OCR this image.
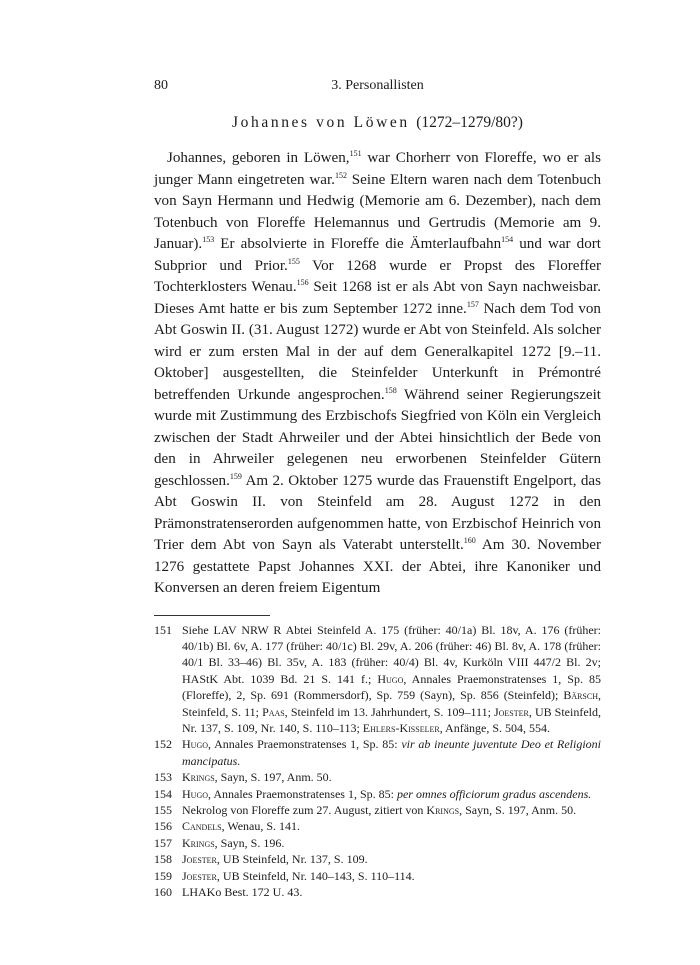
80	3. Personallisten
Johannes von Löwen (1272–1279/80?)

Johannes, geboren in Löwen,$^{151}$ war Chorherr von Floreffe, wo er als junger Mann eingetreten war.$^{152}$ Seine Eltern waren nach dem Totenbuch von Sayn Hermann und Hedwig (Memorie am 6. Dezember), nach dem Totenbuch von Floreffe Helemannus und Gertrudis (Memorie am 9. Januar).$^{153}$ Er absolvierte in Floreffe die Ämterlaufbahn$^{154}$ und war dort Subprior und Prior.$^{155}$ Vor 1268 wurde er Propst des Floreffer Tochterklosters Wenau.$^{156}$ Seit 1268 ist er als Abt von Sayn nachweisbar. Dieses Amt hatte er bis zum September 1272 inne.$^{157}$ Nach dem Tod von Abt Goswin II. (31. August 1272) wurde er Abt von Steinfeld. Als solcher wird er zum ersten Mal in der auf dem Generalkapitel 1272 [9.–11. Oktober] ausgestellten, die Steinfelder Unterkunft in Prémontré betreffenden Urkunde angesprochen.$^{158}$ Während seiner Regierungszeit wurde mit Zustimmung des Erzbischofs Siegfried von Köln ein Vergleich zwischen der Stadt Ahrweiler und der Abtei hinsichtlich der Bede von den in Ahrweiler gelegenen neu erworbenen Steinfelder Gütern geschlossen.$^{159}$ Am 2. Oktober 1275 wurde das Frauenstift Engelport, das Abt Goswin II. von Steinfeld am 28. August 1272 in den Prämonstratenserorden aufgenommen hatte, von Erzbischof Heinrich von Trier dem Abt von Sayn als Vaterabt unterstellt.$^{160}$ Am 30. November 1276 gestattete Papst Johannes XXI. der Abtei, ihre Kanoniker und Konversen an deren freiem Eigentum

151 Siehe LAV NRW R Abtei Steinfeld A. 175 (früher: 40/1a) Bl. 18v, A. 176 (früher: 40/1b) Bl. 6v, A. 177 (früher: 40/1c) Bl. 29v, A. 206 (früher: 46) Bl. 8v, A. 178 (früher: 40/1 Bl. 33–46) Bl. 35v, A. 183 (früher: 40/4) Bl. 4v, Kurköln VIII 447/2 Bl. 2v; HAStK Abt. 1039 Bd. 21 S. 141 f.; Hugo, Annales Praemonstratenses 1, Sp. 85 (Floreffe), 2, Sp. 691 (Rommersdorf), Sp. 759 (Sayn), Sp. 856 (Steinfeld); Bärsch, Steinfeld, S. 11; Paas, Steinfeld im 13. Jahrhundert, S. 109–111; Joester, UB Steinfeld, Nr. 137, S. 109, Nr. 140, S. 110–113; Ehlers-Kisseler, Anfänge, S. 504, 554.
152 Hugo, Annales Praemonstratenses 1, Sp. 85: vir ab ineunte juventute Deo et Religioni mancipatus.
153 Krings, Sayn, S. 197, Anm. 50.
154 Hugo, Annales Praemonstratenses 1, Sp. 85: per omnes officiorum gradus ascendens.
155 Nekrolog von Floreffe zum 27. August, zitiert von Krings, Sayn, S. 197, Anm. 50.
156 Candels, Wenau, S. 141.
157 Krings, Sayn, S. 196.
158 Joester, UB Steinfeld, Nr. 137, S. 109.
159 Joester, UB Steinfeld, Nr. 140–143, S. 110–114.
160 LHAKo Best. 172 U. 43.
